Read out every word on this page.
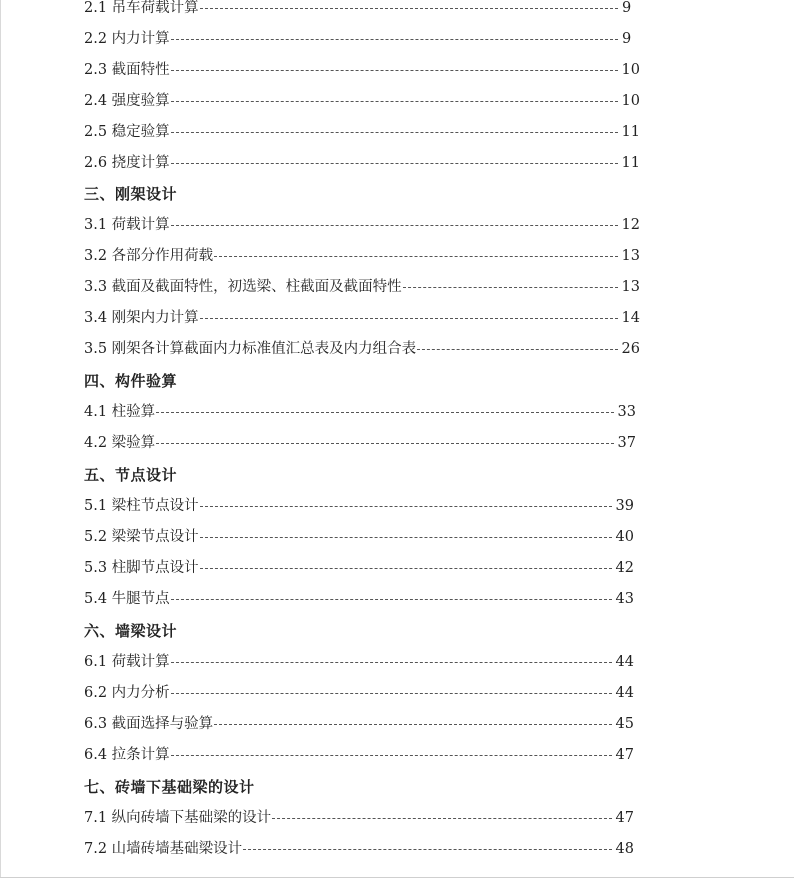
2.1 吊车荷载计算	9
2.2 内力计算	9
2.3 截面特性	10
2.4 强度验算	10
2.5 稳定验算	11
2.6 挠度计算	11
三、刚架设计
3.1 荷载计算	12
3.2 各部分作用荷载	13
3.3 截面及截面特性，初选梁、柱截面及截面特性	13
3.4 刚架内力计算	14
3.5 刚架各计算截面内力标准值汇总表及内力组合表	26
四、构件验算
4.1 柱验算	33
4.2 梁验算	37
五、节点设计
5.1 梁柱节点设计	39
5.2 梁梁节点设计	40
5.3 柱脚节点设计	42
5.4 牛腿节点	43
六、墙梁设计
6.1 荷载计算	44
6.2 内力分析	44
6.3 截面选择与验算	45
6.4 拉条计算	47
七、砖墙下基础梁的设计
7.1 纵向砖墙下基础梁的设计	47
7.2 山墙砖墙基础梁设计	48
